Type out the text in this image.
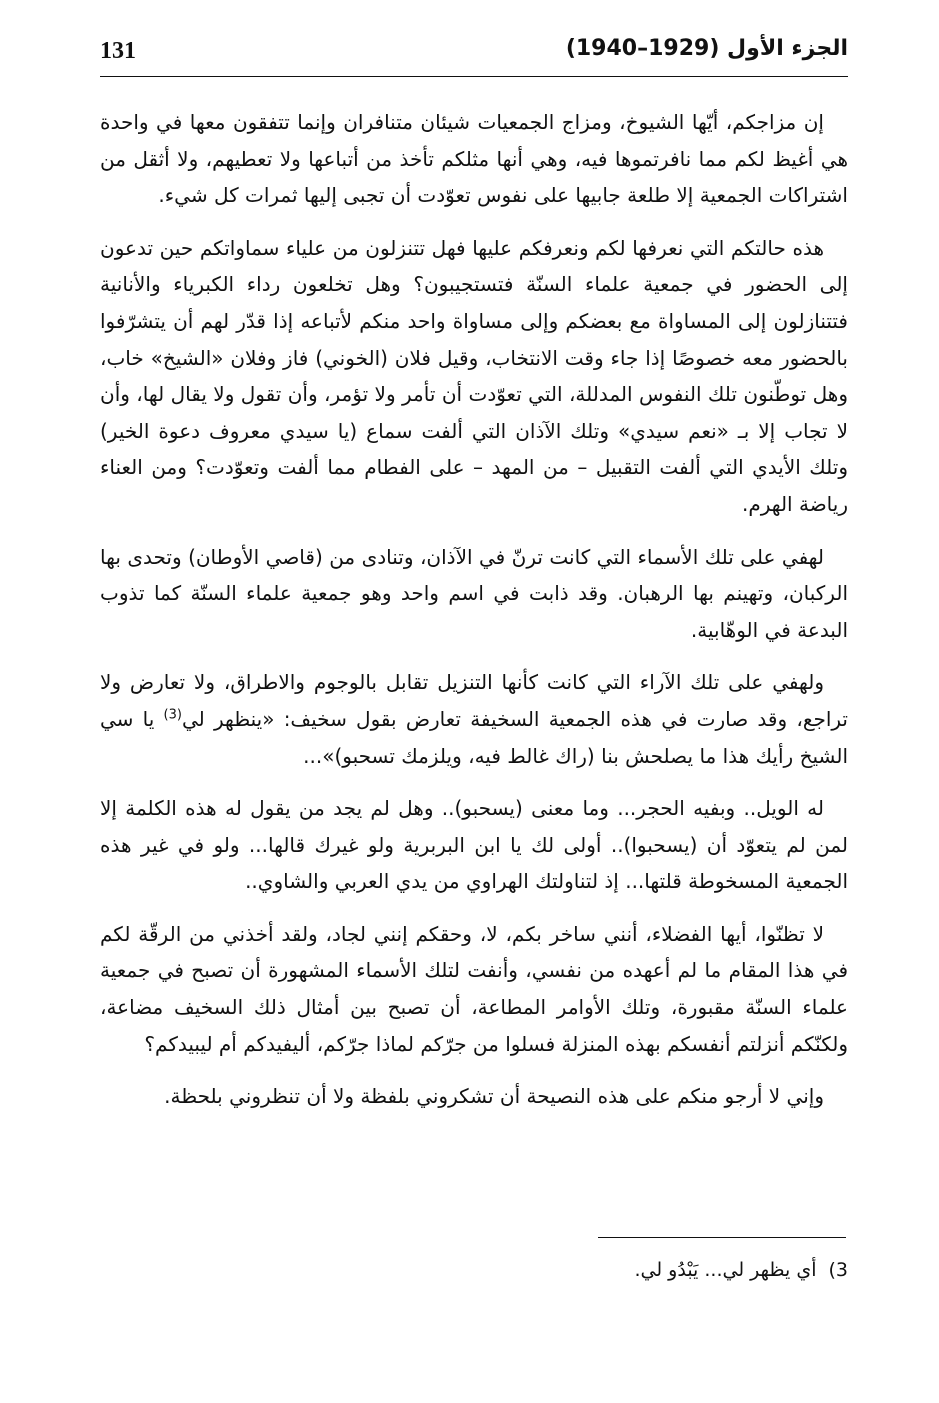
131	الجزء الأول (1929–1940)

إن مزاجكم، أيّها الشيوخ، ومزاج الجمعيات شيئان متنافران وإنما تتفقون معها في واحدة هي أغيظ لكم مما نافرتموها فيه، وهي أنها مثلكم تأخذ من أتباعها ولا تعطيهم، ولا أثقل من اشتراكات الجمعية إلا طلعة جابيها على نفوس تعوّدت أن تجبى إليها ثمرات كل شيء.

هذه حالتكم التي نعرفها لكم ونعرفكم عليها فهل تتنزلون من علياء سماواتكم حين تدعون إلى الحضور في جمعية علماء السنّة فتستجيبون؟ وهل تخلعون رداء الكبرياء والأنانية فتتنازلون إلى المساواة مع بعضكم وإلى مساواة واحد منكم لأتباعه إذا قدّر لهم أن يتشرّفوا بالحضور معه خصوصًا إذا جاء وقت الانتخاب، وقيل فلان (الخوني) فاز وفلان «الشيخ» خاب، وهل توطّنون تلك النفوس المدللة، التي تعوّدت أن تأمر ولا تؤمر، وأن تقول ولا يقال لها، وأن لا تجاب إلا بـ «نعم سيدي» وتلك الآذان التي ألفت سماع (يا سيدي معروف دعوة الخير) وتلك الأيدي التي ألفت التقبيل – من المهد – على الفطام مما ألفت وتعوّدت؟ ومن العناء رياضة الهرم.

لهفي على تلك الأسماء التي كانت ترنّ في الآذان، وتنادى من (قاصي الأوطان) وتحدى بها الركبان، وتهينم بها الرهبان. وقد ذابت في اسم واحد وهو جمعية علماء السنّة كما تذوب البدعة في الوهّابية.

ولهفي على تلك الآراء التي كانت كأنها التنزيل تقابل بالوجوم والاطراق، ولا تعارض ولا تراجع، وقد صارت في هذه الجمعية السخيفة تعارض بقول سخيف: «ينظهر لي$^{(3)}$ يا سي الشيخ رأيك هذا ما يصلحش بنا (راك غالط فيه، ويلزمك تسحبو)»...

له الويل.. وبفيه الحجر... وما معنى (يسحبو).. وهل لم يجد من يقول له هذه الكلمة إلا لمن لم يتعوّد أن (يسحبوا).. أولى لك يا ابن البربرية ولو غيرك قالها... ولو في غير هذه الجمعية المسخوطة قلتها... إذ لتناولتك الهراوي من يدي العربي والشاوي..

لا تظنّوا، أيها الفضلاء، أنني ساخر بكم، لا، وحقكم إنني لجاد، ولقد أخذني من الرقّة لكم في هذا المقام ما لم أعهده من نفسي، وأنفت لتلك الأسماء المشهورة أن تصبح في جمعية علماء السنّة مقبورة، وتلك الأوامر المطاعة، أن تصبح بين أمثال ذلك السخيف مضاعة، ولكنّكم أنزلتم أنفسكم بهذه المنزلة فسلوا من جرّكم لماذا جرّكم، أليفيدكم أم ليبيدكم؟

وإني لا أرجو منكم على هذه النصيحة أن تشكروني بلفظة ولا أن تنظروني بلحظة.

(3أي يظهر لي... يَبْدُو لي.
